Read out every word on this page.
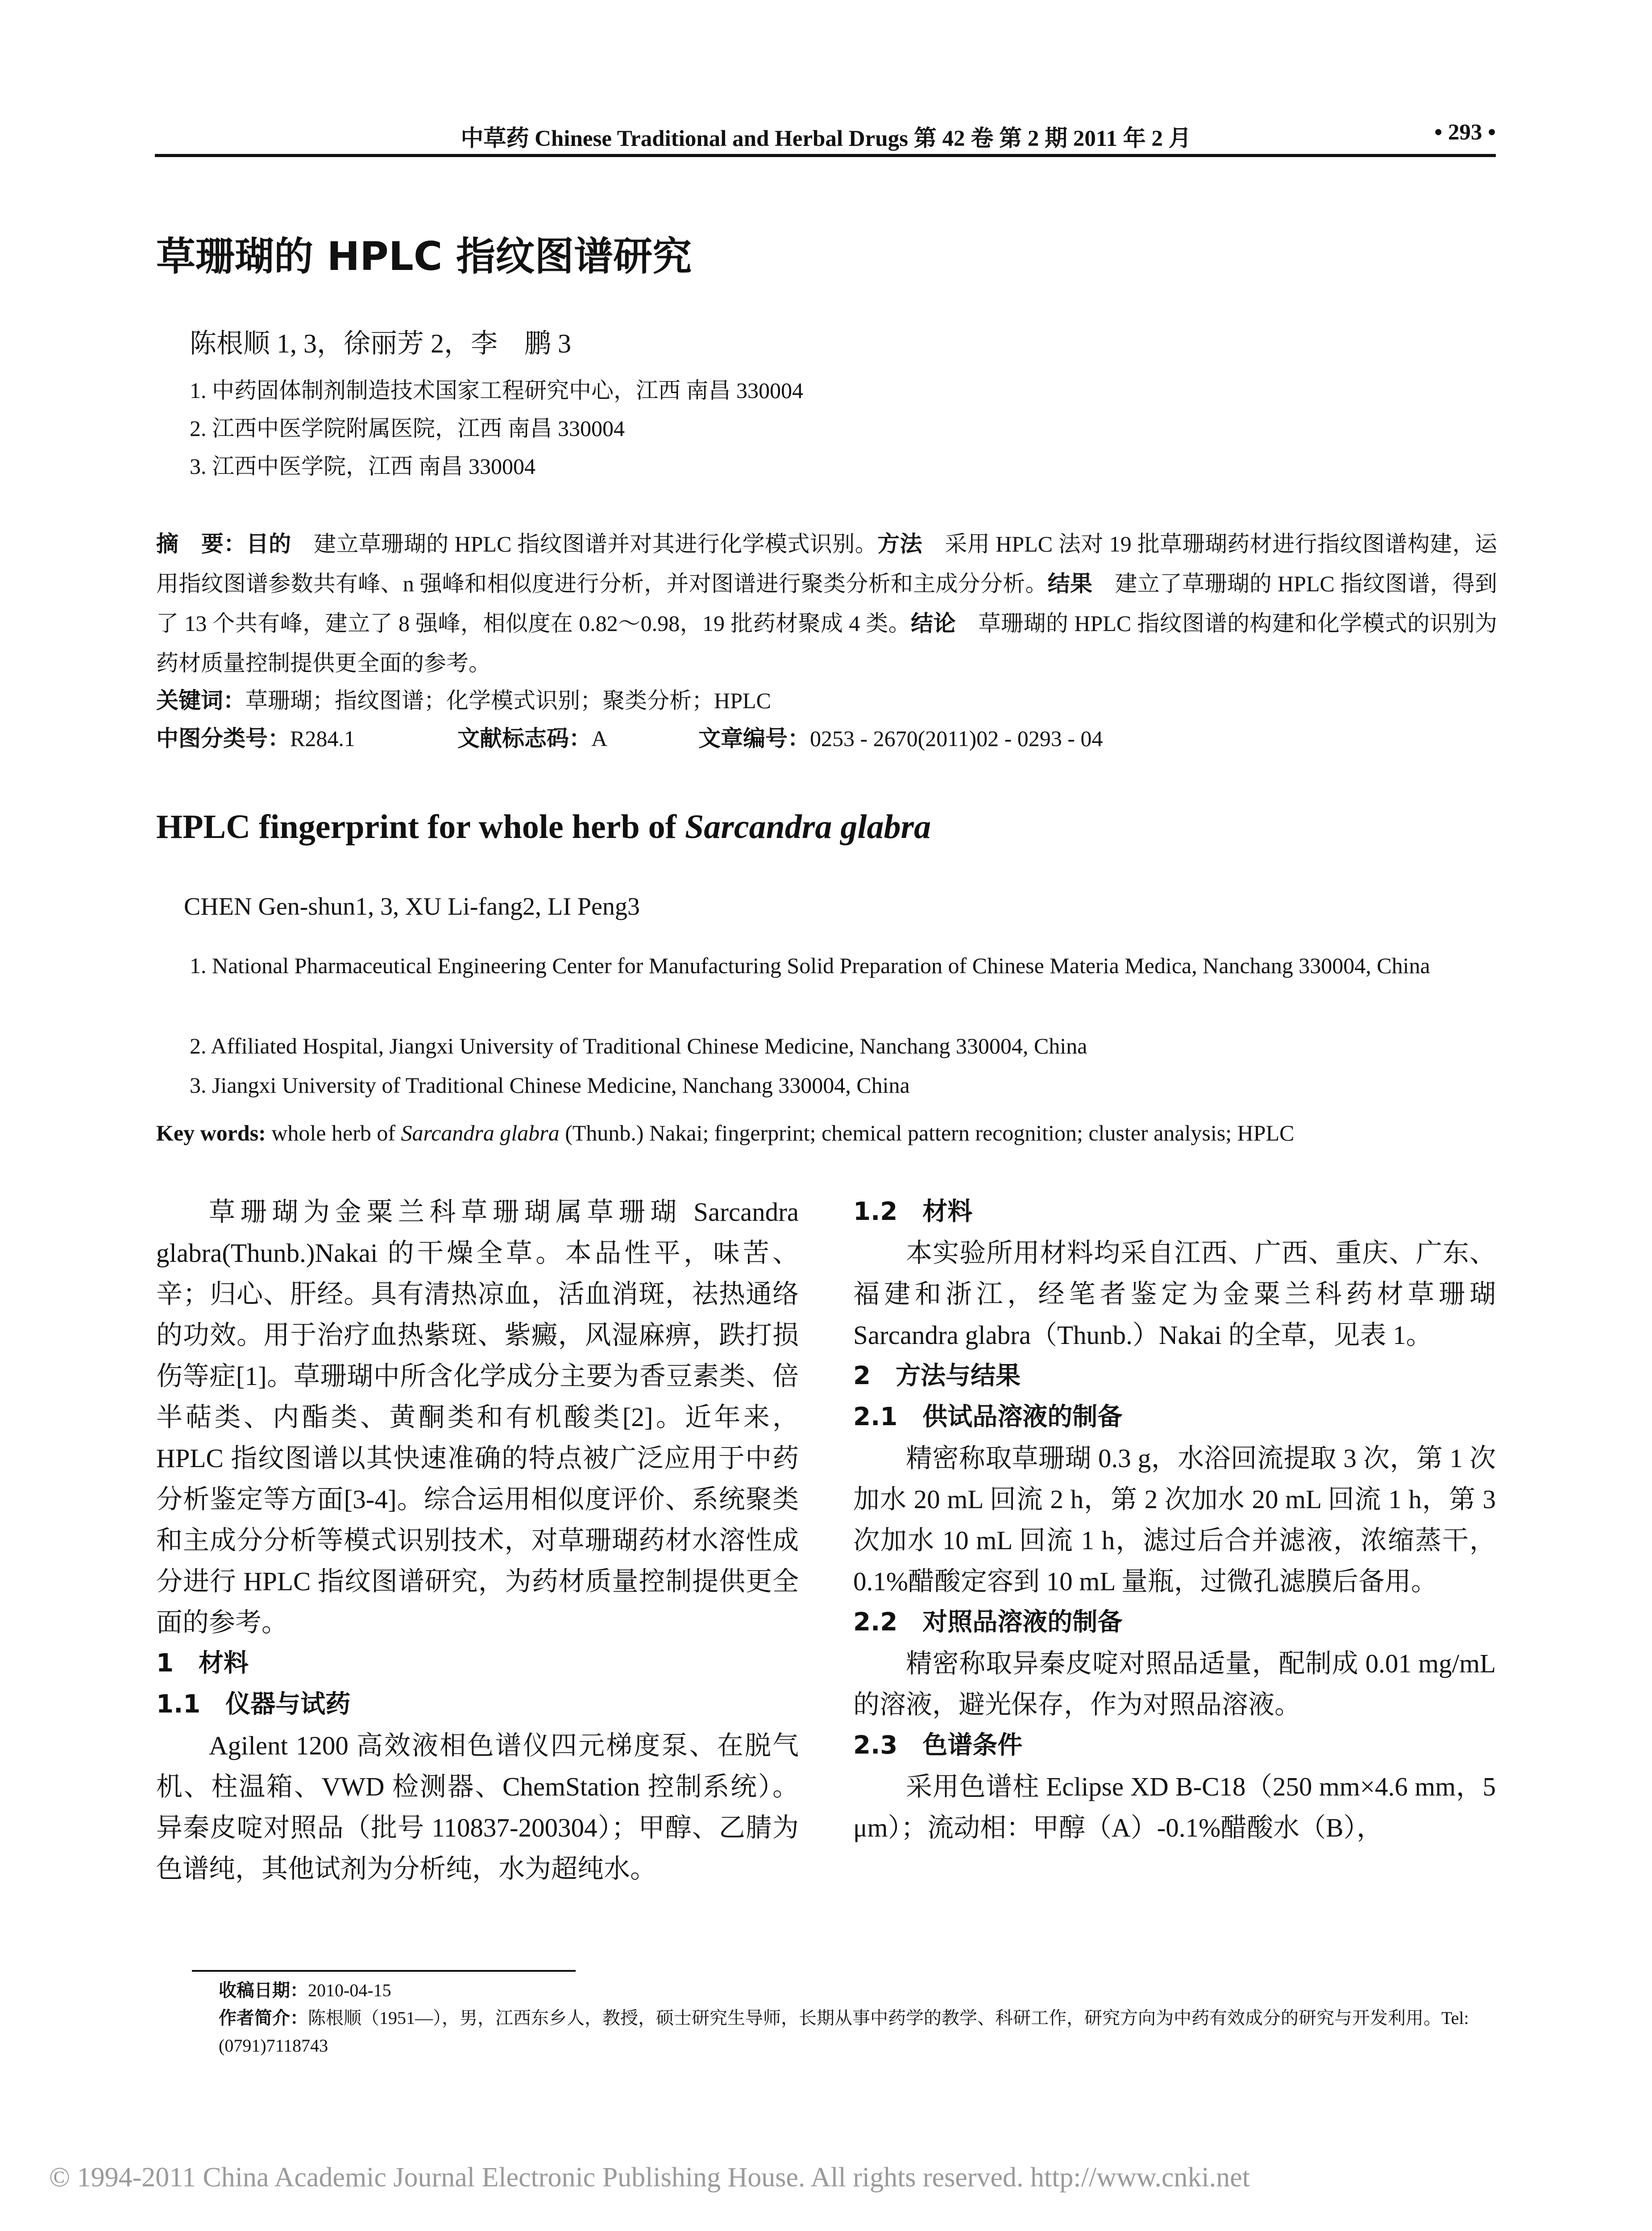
中草药 Chinese Traditional and Herbal Drugs 第 42 卷 第 2 期 2011 年 2 月	• 293 •
草珊瑚的 HPLC 指纹图谱研究
陈根顺 1, 3，徐丽芳 2，李　鹏 3
1. 中药固体制剂制造技术国家工程研究中心，江西 南昌 330004
2. 江西中医学院附属医院，江西 南昌 330004
3. 江西中医学院，江西 南昌 330004
摘　要：目的  建立草珊瑚的 HPLC 指纹图谱并对其进行化学模式识别。方法  采用 HPLC 法对 19 批草珊瑚药材进行指纹图谱构建，运用指纹图谱参数共有峰、n 强峰和相似度进行分析，并对图谱进行聚类分析和主成分分析。结果  建立了草珊瑚的 HPLC 指纹图谱，得到了 13 个共有峰，建立了 8 强峰，相似度在 0.82～0.98，19 批药材聚成 4 类。结论  草珊瑚的 HPLC 指纹图谱的构建和化学模式的识别为药材质量控制提供更全面的参考。
关键词：草珊瑚；指纹图谱；化学模式识别；聚类分析；HPLC
中图分类号：R284.1	文献标志码：A	文章编号：0253 - 2670(2011)02 - 0293 - 04
HPLC fingerprint for whole herb of Sarcandra glabra
CHEN Gen-shun1, 3, XU Li-fang2, LI Peng3
1. National Pharmaceutical Engineering Center for Manufacturing Solid Preparation of Chinese Materia Medica, Nanchang 330004, China
2. Affiliated Hospital, Jiangxi University of Traditional Chinese Medicine, Nanchang 330004, China
3. Jiangxi University of Traditional Chinese Medicine, Nanchang 330004, China
Key words: whole herb of Sarcandra glabra (Thunb.) Nakai; fingerprint; chemical pattern recognition; cluster analysis; HPLC

草珊瑚为金粟兰科草珊瑚属草珊瑚 Sarcandra glabra(Thunb.)Nakai 的干燥全草。本品性平，味苦、辛；归心、肝经。具有清热凉血，活血消斑，祛热通络的功效。用于治疗血热紫斑、紫癜，风湿麻痹，跌打损伤等症[1]。草珊瑚中所含化学成分主要为香豆素类、倍半萜类、内酯类、黄酮类和有机酸类[2]。近年来，HPLC 指纹图谱以其快速准确的特点被广泛应用于中药分析鉴定等方面[3-4]。综合运用相似度评价、系统聚类和主成分分析等模式识别技术，对草珊瑚药材水溶性成分进行 HPLC 指纹图谱研究，为药材质量控制提供更全面的参考。

1　材料
1.1　仪器与试药

Agilent 1200 高效液相色谱仪四元梯度泵、在脱气机、柱温箱、VWD 检测器、ChemStation 控制系统）。异秦皮啶对照品（批号 110837-200304）；甲醇、乙腈为色谱纯，其他试剂为分析纯，水为超纯水。

1.2　材料

本实验所用材料均采自江西、广西、重庆、广东、福建和浙江，经笔者鉴定为金粟兰科药材草珊瑚 Sarcandra glabra（Thunb.）Nakai 的全草，见表 1。

2　方法与结果
2.1　供试品溶液的制备

精密称取草珊瑚 0.3 g，水浴回流提取 3 次，第 1 次加水 20 mL 回流 2 h，第 2 次加水 20 mL 回流 1 h，第 3 次加水 10 mL 回流 1 h，滤过后合并滤液，浓缩蒸干，0.1%醋酸定容到 10 mL 量瓶，过微孔滤膜后备用。

2.2　对照品溶液的制备

精密称取异秦皮啶对照品适量，配制成 0.01 mg/mL 的溶液，避光保存，作为对照品溶液。

2.3　色谱条件

采用色谱柱 Eclipse XD B-C18（250 mm×4.6 mm，5 μm）；流动相：甲醇（A）-0.1%醋酸水（B），

收稿日期：2010-04-15
作者简介：陈根顺（1951—），男，江西东乡人，教授，硕士研究生导师，长期从事中药学的教学、科研工作，研究方向为中药有效成分的研究与开发利用。Tel: (0791)7118743
© 1994-2011 China Academic Journal Electronic Publishing House. All rights reserved. http://www.cnki.net
